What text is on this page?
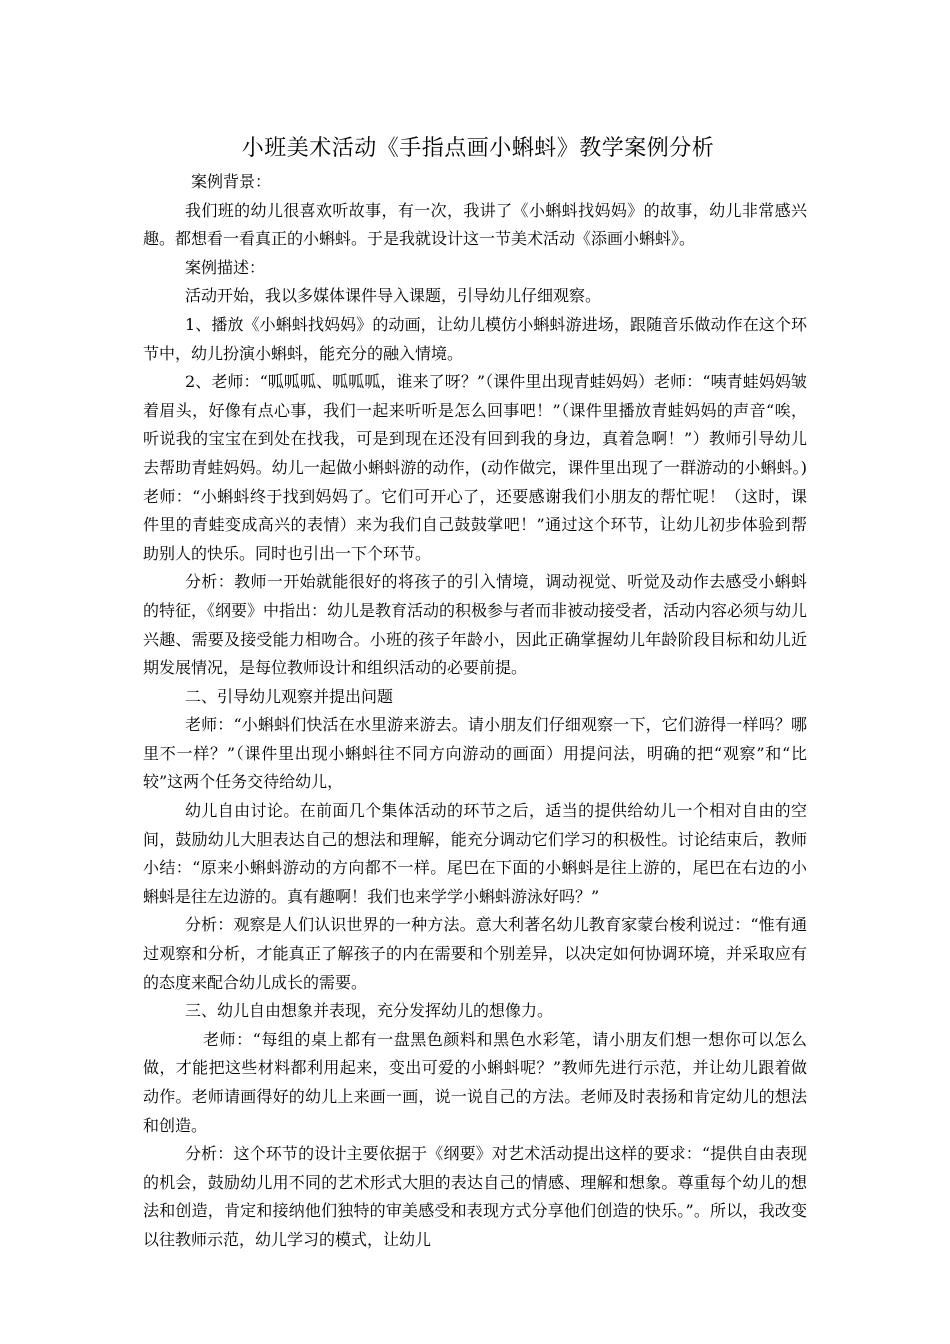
小班美术活动《手指点画小蝌蚪》教学案例分析

案例背景：

我们班的幼儿很喜欢听故事，有一次，我讲了《小蝌蚪找妈妈》的故事，幼儿非常感兴趣。都想看一看真正的小蝌蚪。于是我就设计这一节美术活动《添画小蝌蚪》。

案例描述：

活动开始，我以多媒体课件导入课题，引导幼儿仔细观察。

1、播放《小蝌蚪找妈妈》的动画，让幼儿模仿小蝌蚪游进场，跟随音乐做动作在这个环节中，幼儿扮演小蝌蚪，能充分的融入情境。

2、老师：“呱呱呱、呱呱呱，谁来了呀？”（课件里出现青蛙妈妈）老师：“咦青蛙妈妈皱着眉头，好像有点心事，我们一起来听听是怎么回事吧！”（课件里播放青蛙妈妈的声音“唉，听说我的宝宝在到处在找我，可是到现在还没有回到我的身边，真着急啊！”）教师引导幼儿去帮助青蛙妈妈。幼儿一起做小蝌蚪游的动作，(动作做完，课件里出现了一群游动的小蝌蚪。)老师：“小蝌蚪终于找到妈妈了。它们可开心了，还要感谢我们小朋友的帮忙呢！（这时，课件里的青蛙变成高兴的表情）来为我们自己鼓鼓掌吧！”通过这个环节，让幼儿初步体验到帮助别人的快乐。同时也引出一下个环节。

分析：教师一开始就能很好的将孩子的引入情境，调动视觉、听觉及动作去感受小蝌蚪的特征，《纲要》中指出：幼儿是教育活动的积极参与者而非被动接受者，活动内容必须与幼儿兴趣、需要及接受能力相吻合。小班的孩子年龄小，因此正确掌握幼儿年龄阶段目标和幼儿近期发展情况，是每位教师设计和组织活动的必要前提。

二、引导幼儿观察并提出问题

老师：“小蝌蚪们快活在水里游来游去。请小朋友们仔细观察一下，它们游得一样吗？哪里不一样？”（课件里出现小蝌蚪往不同方向游动的画面）用提问法，明确的把“观察”和“比较”这两个任务交待给幼儿，

幼儿自由讨论。在前面几个集体活动的环节之后，适当的提供给幼儿一个相对自由的空间，鼓励幼儿大胆表达自己的想法和理解，能充分调动它们学习的积极性。讨论结束后，教师小结：“原来小蝌蚪游动的方向都不一样。尾巴在下面的小蝌蚪是往上游的，尾巴在右边的小蝌蚪是往左边游的。真有趣啊！我们也来学学小蝌蚪游泳好吗？”

分析：观察是人们认识世界的一种方法。意大利著名幼儿教育家蒙台梭利说过：“惟有通过观察和分析，才能真正了解孩子的内在需要和个别差异，以决定如何协调环境，并采取应有的态度来配合幼儿成长的需要。

三、幼儿自由想象并表现，充分发挥幼儿的想像力。

老师：“每组的桌上都有一盘黑色颜料和黑色水彩笔，请小朋友们想一想你可以怎么做，才能把这些材料都利用起来，变出可爱的小蝌蚪呢？”教师先进行示范，并让幼儿跟着做动作。老师请画得好的幼儿上来画一画，说一说自己的方法。老师及时表扬和肯定幼儿的想法和创造。

分析：这个环节的设计主要依据于《纲要》对艺术活动提出这样的要求：“提供自由表现的机会，鼓励幼儿用不同的艺术形式大胆的表达自己的情感、理解和想象。尊重每个幼儿的想法和创造，肯定和接纳他们独特的审美感受和表现方式分享他们创造的快乐。”。所以，我改变以往教师示范，幼儿学习的模式，让幼儿
